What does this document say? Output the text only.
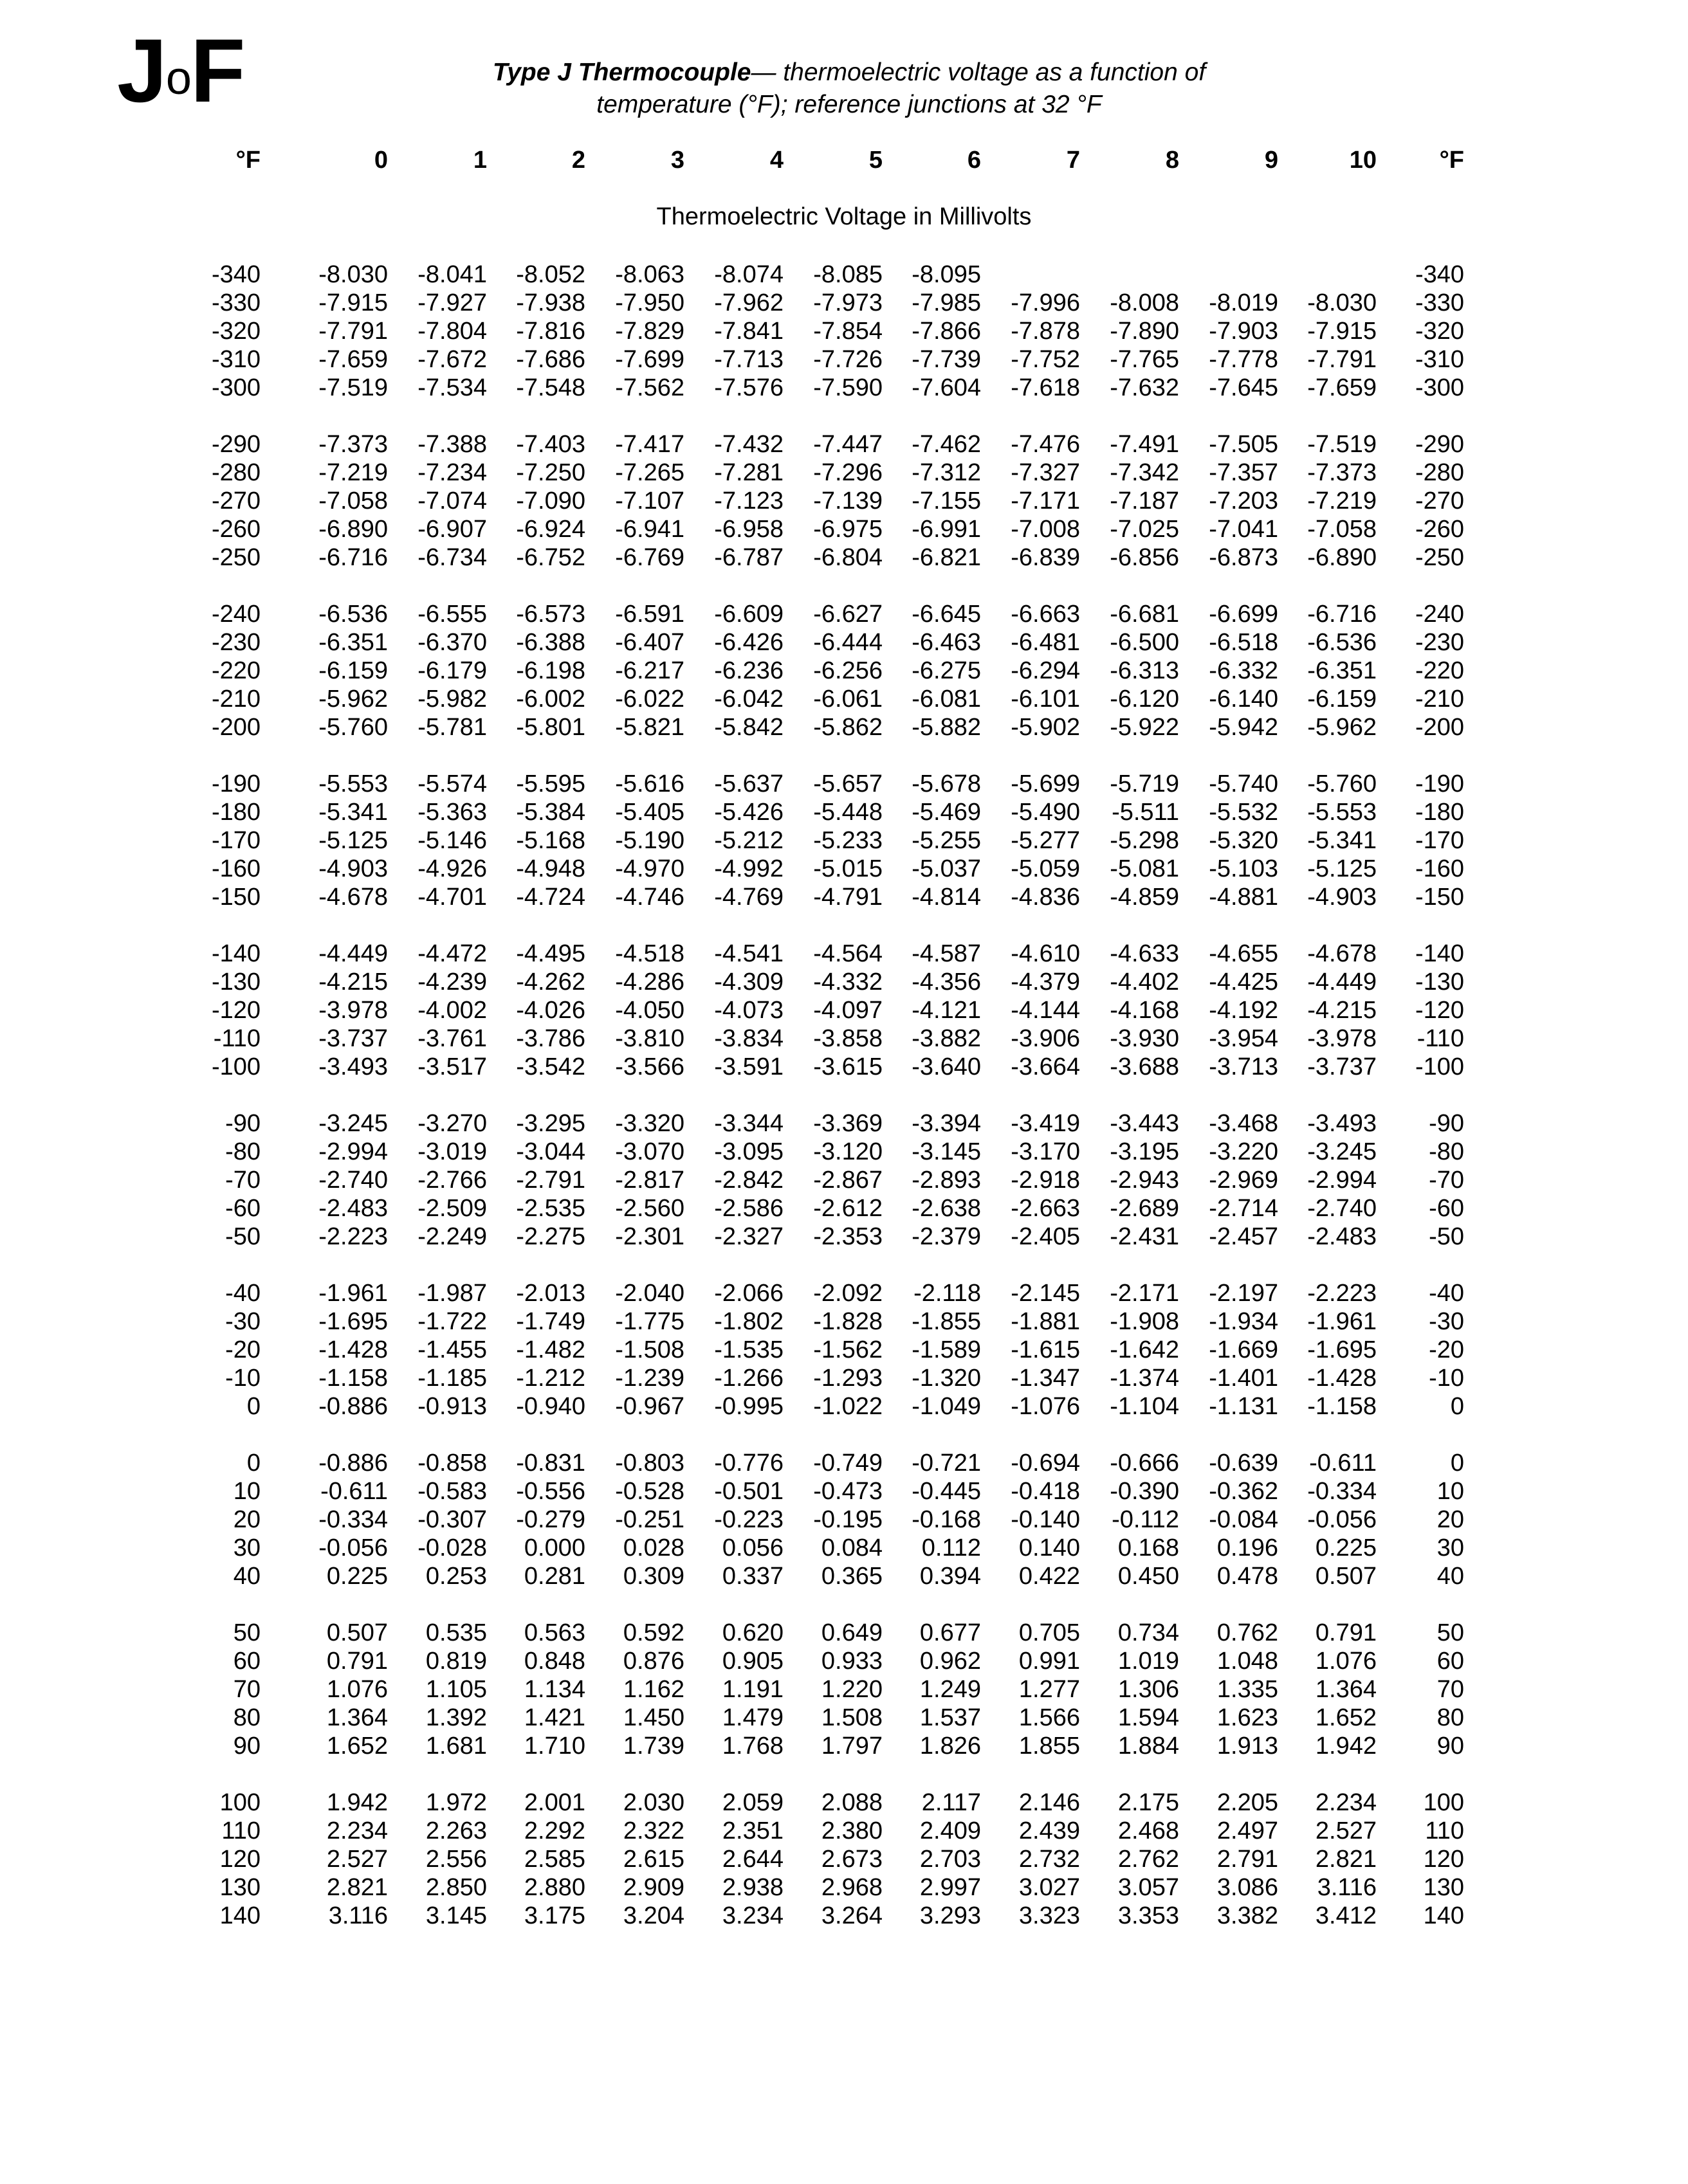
$J^oF$	Type J Thermocouple— thermoelectric voltage as a function of
temperature (°F); reference junctions at 32 °F
°F	0	1	2	3	4	5	6	7	8	9	10	°F
Thermoelectric Voltage in Millivolts
-340 -8.030 -8.041 -8.052 -8.063 -8.074 -8.085 -8.095	-340
-330 -7.915 -7.927 -7.938 -7.950 -7.962 -7.973 -7.985 -7.996 -8.008 -8.019 -8.030 -330
-320 -7.791 -7.804 -7.816 -7.829 -7.841 -7.854 -7.866 -7.878 -7.890 -7.903 -7.915 -320
-310 -7.659 -7.672 -7.686 -7.699 -7.713 -7.726 -7.739 -7.752 -7.765 -7.778 -7.791 -310
-300 -7.519 -7.534 -7.548 -7.562 -7.576 -7.590 -7.604 -7.618 -7.632 -7.645 -7.659 -300
-290 -7.373 -7.388 -7.403 -7.417 -7.432 -7.447 -7.462 -7.476 -7.491 -7.505 -7.519 -290
-280 -7.219 -7.234 -7.250 -7.265 -7.281 -7.296 -7.312 -7.327 -7.342 -7.357 -7.373 -280
-270 -7.058 -7.074 -7.090 -7.107 -7.123 -7.139 -7.155 -7.171 -7.187 -7.203 -7.219 -270
-260 -6.890 -6.907 -6.924 -6.941 -6.958 -6.975 -6.991 -7.008 -7.025 -7.041 -7.058 -260
-250 -6.716 -6.734 -6.752 -6.769 -6.787 -6.804 -6.821 -6.839 -6.856 -6.873 -6.890 -250
-240 -6.536 -6.555 -6.573 -6.591 -6.609 -6.627 -6.645 -6.663 -6.681 -6.699 -6.716 -240
-230 -6.351 -6.370 -6.388 -6.407 -6.426 -6.444 -6.463 -6.481 -6.500 -6.518 -6.536 -230
-220 -6.159 -6.179 -6.198 -6.217 -6.236 -6.256 -6.275 -6.294 -6.313 -6.332 -6.351 -220
-210 -5.962 -5.982 -6.002 -6.022 -6.042 -6.061 -6.081 -6.101 -6.120 -6.140 -6.159 -210
-200 -5.760 -5.781 -5.801 -5.821 -5.842 -5.862 -5.882 -5.902 -5.922 -5.942 -5.962 -200
-190 -5.553 -5.574 -5.595 -5.616 -5.637 -5.657 -5.678 -5.699 -5.719 -5.740 -5.760 -190
-180 -5.341 -5.363 -5.384 -5.405 -5.426 -5.448 -5.469 -5.490 -5.511 -5.532 -5.553 -180
-170 -5.125 -5.146 -5.168 -5.190 -5.212 -5.233 -5.255 -5.277 -5.298 -5.320 -5.341 -170
-160 -4.903 -4.926 -4.948 -4.970 -4.992 -5.015 -5.037 -5.059 -5.081 -5.103 -5.125 -160
-150 -4.678 -4.701 -4.724 -4.746 -4.769 -4.791 -4.814 -4.836 -4.859 -4.881 -4.903 -150
-140 -4.449 -4.472 -4.495 -4.518 -4.541 -4.564 -4.587 -4.610 -4.633 -4.655 -4.678 -140
-130 -4.215 -4.239 -4.262 -4.286 -4.309 -4.332 -4.356 -4.379 -4.402 -4.425 -4.449 -130
-120 -3.978 -4.002 -4.026 -4.050 -4.073 -4.097 -4.121 -4.144 -4.168 -4.192 -4.215 -120
-110 -3.737 -3.761 -3.786 -3.810 -3.834 -3.858 -3.882 -3.906 -3.930 -3.954 -3.978 -110
-100 -3.493 -3.517 -3.542 -3.566 -3.591 -3.615 -3.640 -3.664 -3.688 -3.713 -3.737 -100
-90 -3.245 -3.270 -3.295 -3.320 -3.344 -3.369 -3.394 -3.419 -3.443 -3.468 -3.493 -90
-80 -2.994 -3.019 -3.044 -3.070 -3.095 -3.120 -3.145 -3.170 -3.195 -3.220 -3.245 -80
-70 -2.740 -2.766 -2.791 -2.817 -2.842 -2.867 -2.893 -2.918 -2.943 -2.969 -2.994 -70
-60 -2.483 -2.509 -2.535 -2.560 -2.586 -2.612 -2.638 -2.663 -2.689 -2.714 -2.740 -60
-50 -2.223 -2.249 -2.275 -2.301 -2.327 -2.353 -2.379 -2.405 -2.431 -2.457 -2.483 -50
-40 -1.961 -1.987 -2.013 -2.040 -2.066 -2.092 -2.118 -2.145 -2.171 -2.197 -2.223 -40
-30 -1.695 -1.722 -1.749 -1.775 -1.802 -1.828 -1.855 -1.881 -1.908 -1.934 -1.961 -30
-20 -1.428 -1.455 -1.482 -1.508 -1.535 -1.562 -1.589 -1.615 -1.642 -1.669 -1.695 -20
-10 -1.158 -1.185 -1.212 -1.239 -1.266 -1.293 -1.320 -1.347 -1.374 -1.401 -1.428 -10
0 -0.886 -0.913 -0.940 -0.967 -0.995 -1.022 -1.049 -1.076 -1.104 -1.131 -1.158	0
0 -0.886 -0.858 -0.831 -0.803 -0.776 -0.749 -0.721 -0.694 -0.666 -0.639 -0.611	0
10 -0.611 -0.583 -0.556 -0.528 -0.501 -0.473 -0.445 -0.418 -0.390 -0.362 -0.334 10
20 -0.334 -0.307 -0.279 -0.251 -0.223 -0.195 -0.168 -0.140 -0.112 -0.084 -0.056 20
30 -0.056 -0.028 0.000 0.028 0.056 0.084 0.112 0.140 0.168 0.196 0.225 30
40	0.225 0.253 0.281 0.309 0.337 0.365 0.394 0.422 0.450 0.478 0.507 40
50	0.507 0.535 0.563 0.592 0.620 0.649 0.677 0.705 0.734 0.762 0.791 50
60	0.791 0.819 0.848 0.876 0.905 0.933 0.962 0.991 1.019 1.048 1.076 60
70	1.076 1.105 1.134 1.162 1.191 1.220 1.249 1.277 1.306 1.335 1.364 70
80	1.364 1.392 1.421 1.450 1.479 1.508 1.537 1.566 1.594 1.623 1.652 80
90	1.652 1.681 1.710 1.739 1.768 1.797 1.826 1.855 1.884 1.913 1.942 90
100	1.942 1.972 2.001 2.030 2.059 2.088 2.117 2.146 2.175 2.205 2.234 100
110	2.234 2.263 2.292 2.322 2.351 2.380 2.409 2.439 2.468 2.497 2.527 110
120	2.527 2.556 2.585 2.615 2.644 2.673 2.703 2.732 2.762 2.791 2.821 120
130	2.821 2.850 2.880 2.909 2.938 2.968 2.997 3.027 3.057 3.086 3.116 130
140	3.116 3.145 3.175 3.204 3.234 3.264 3.293 3.323 3.353 3.382 3.412 140
